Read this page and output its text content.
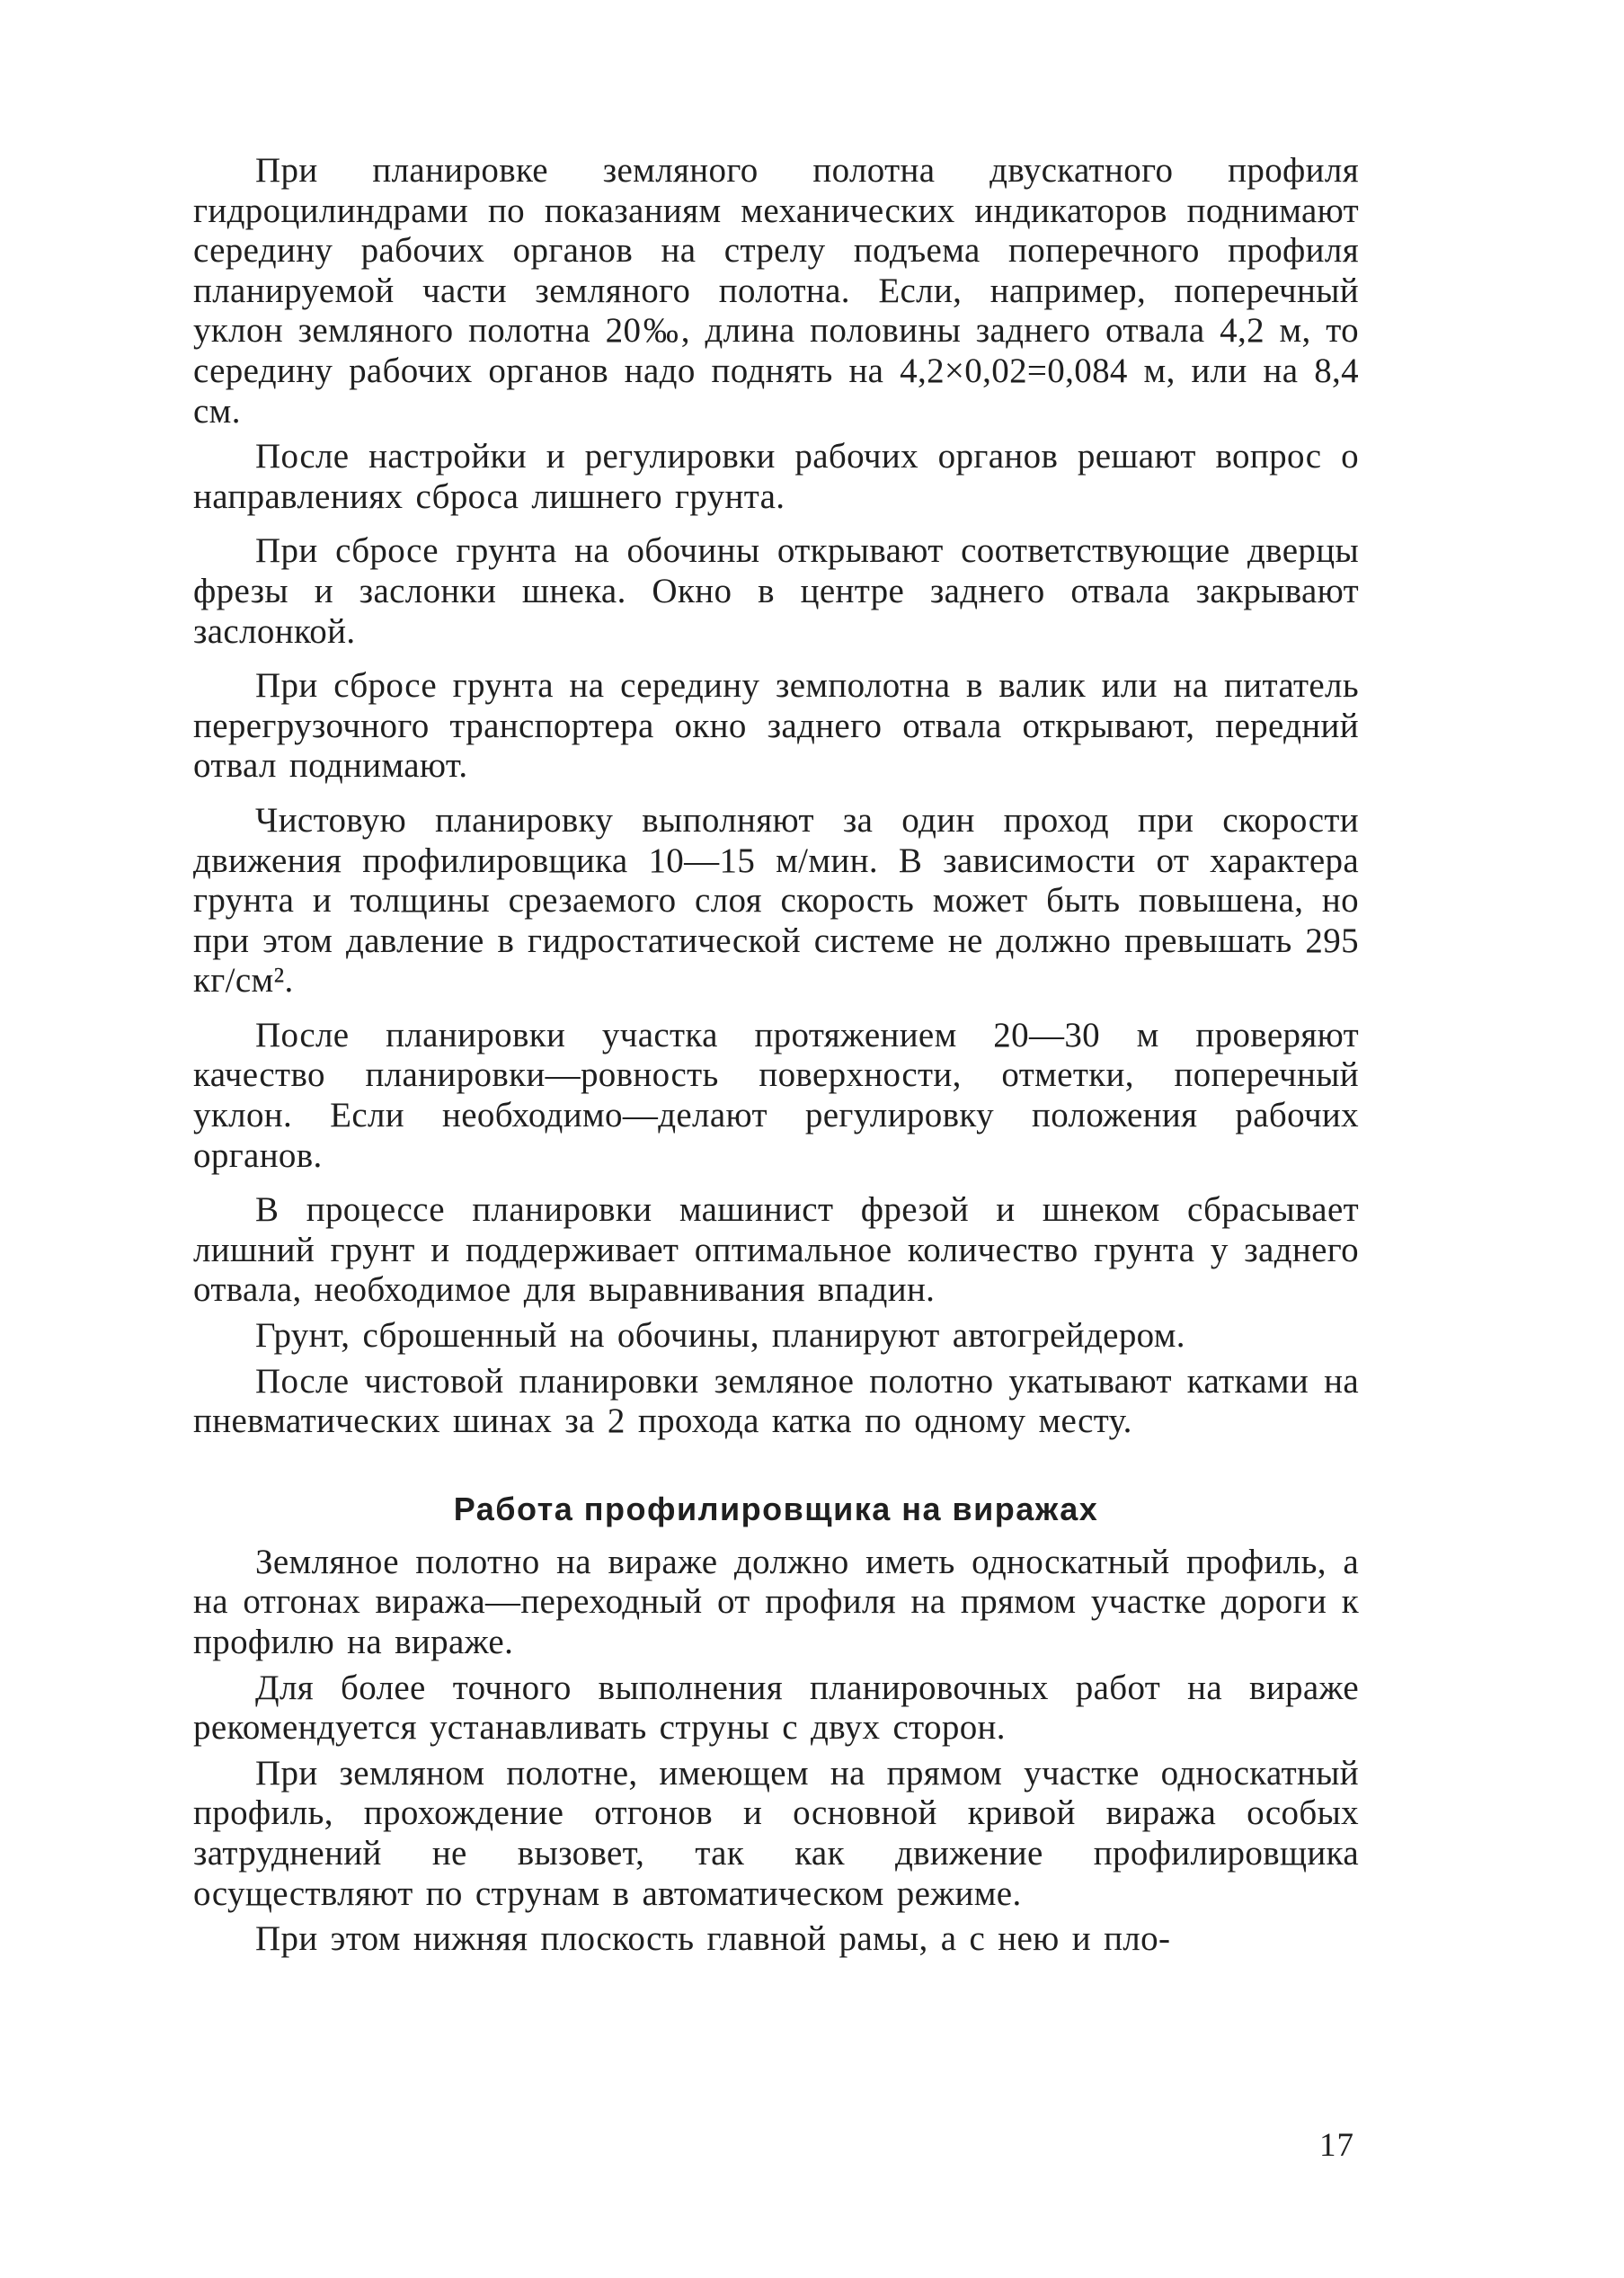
При планировке земляного полотна двускатного профиля гидроцилиндрами по показаниям механических индикаторов поднимают середину рабочих органов на стрелу подъема поперечного профиля планируемой части земляного полотна. Если, например, поперечный уклон земляного полотна 20‰, длина половины заднего отвала 4,2 м, то середину рабочих органов надо поднять на 4,2×0,02=0,084 м, или на 8,4 см.

После настройки и регулировки рабочих органов решают вопрос о направлениях сброса лишнего грунта.

При сбросе грунта на обочины открывают соответствующие дверцы фрезы и заслонки шнека. Окно в центре заднего отвала закрывают заслонкой.

При сбросе грунта на середину земполотна в валик или на питатель перегрузочного транспортера окно заднего отвала открывают, передний отвал поднимают.

Чистовую планировку выполняют за один проход при скорости движения профилировщика 10—15 м/мин. В зависимости от характера грунта и толщины срезаемого слоя скорость может быть повышена, но при этом давление в гидростатической системе не должно превышать 295 кг/см².

После планировки участка протяжением 20—30 м проверяют качество планировки—ровность поверхности, отметки, поперечный уклон. Если необходимо—делают регулировку положения рабочих органов.

В процессе планировки машинист фрезой и шнеком сбрасывает лишний грунт и поддерживает оптимальное количество грунта у заднего отвала, необходимое для выравнивания впадин.

Грунт, сброшенный на обочины, планируют автогрейдером.

После чистовой планировки земляное полотно укатывают катками на пневматических шинах за 2 прохода катка по одному месту.

Работа профилировщика на виражах

Земляное полотно на вираже должно иметь односкатный профиль, а на отгонах виража—переходный от профиля на прямом участке дороги к профилю на вираже.

Для более точного выполнения планировочных работ на вираже рекомендуется устанавливать струны с двух сторон.

При земляном полотне, имеющем на прямом участке односкатный профиль, прохождение отгонов и основной кривой виража особых затруднений не вызовет, так как движение профилировщика осуществляют по струнам в автоматическом режиме.

При этом нижняя плоскость главной рамы, а с нею и пло-

17
